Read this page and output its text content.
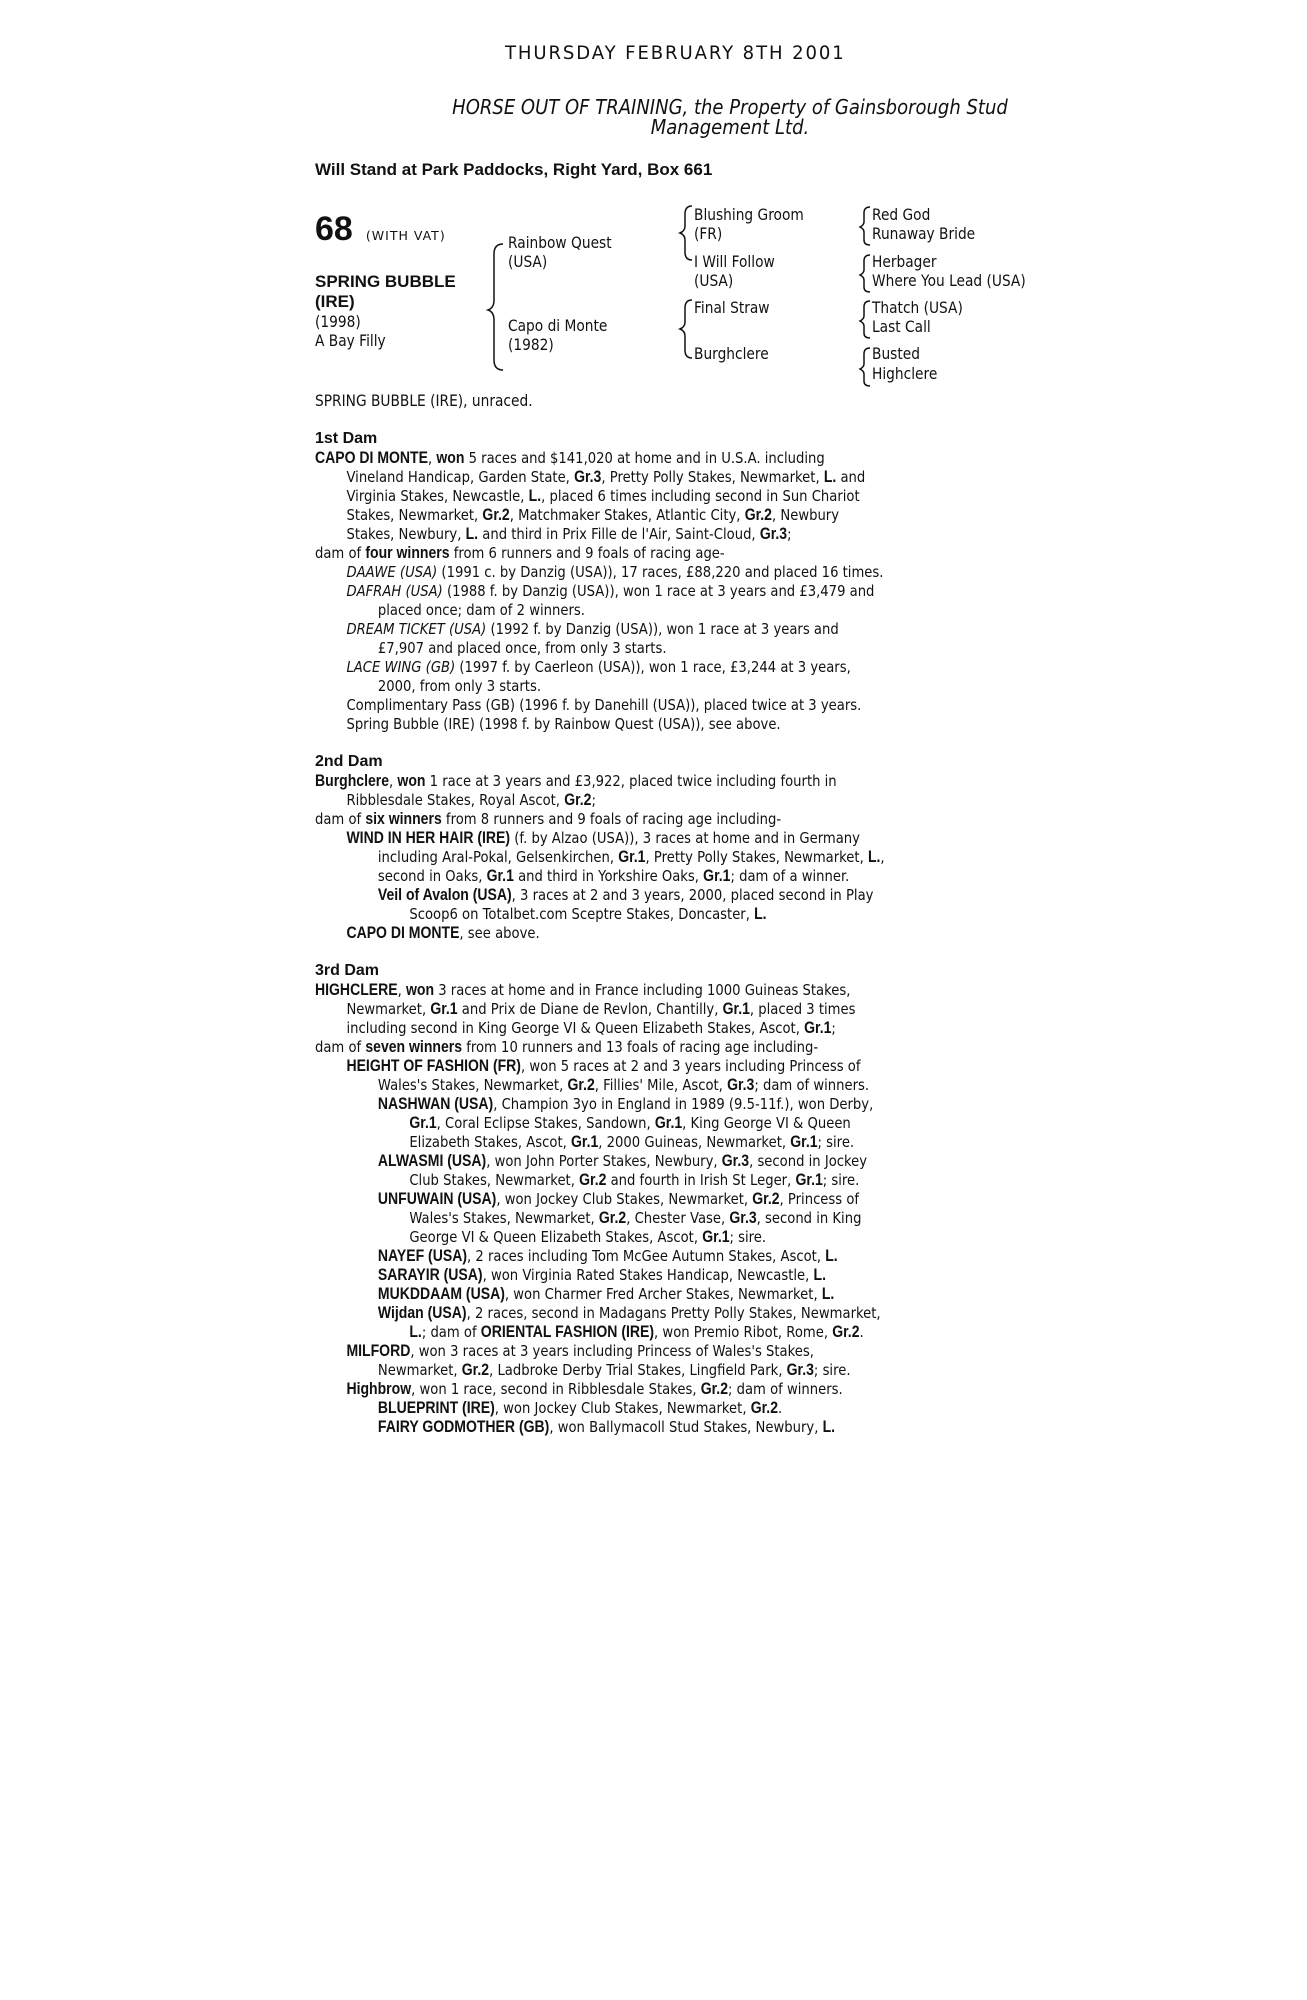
THURSDAY FEBRUARY 8TH 2001
HORSE OUT OF TRAINING, the Property of Gainsborough Stud
Management Ltd.
Will Stand at Park Paddocks, Right Yard, Box 661
68 (WITH VAT)
SPRING BUBBLE
(IRE)
(1998)
A Bay Filly
Rainbow Quest
(USA)
Capo di Monte
(1982)
Blushing Groom
(FR)
I Will Follow
(USA)
Final Straw
Burghclere
Red God
Runaway Bride
Herbager
Where You Lead (USA)
Thatch (USA)
Last Call
Busted
Highclere
SPRING BUBBLE (IRE), unraced.
1st Dam
CAPO DI MONTE, won 5 races and $141,020 at home and in U.S.A. including
Vineland Handicap, Garden State, Gr.3, Pretty Polly Stakes, Newmarket, L. and
Virginia Stakes, Newcastle, L., placed 6 times including second in Sun Chariot
Stakes, Newmarket, Gr.2, Matchmaker Stakes, Atlantic City, Gr.2, Newbury
Stakes, Newbury, L. and third in Prix Fille de l'Air, Saint-Cloud, Gr.3;
dam of four winners from 6 runners and 9 foals of racing age-
DAAWE (USA) (1991 c. by Danzig (USA)), 17 races, £88,220 and placed 16 times.
DAFRAH (USA) (1988 f. by Danzig (USA)), won 1 race at 3 years and £3,479 and
placed once; dam of 2 winners.
DREAM TICKET (USA) (1992 f. by Danzig (USA)), won 1 race at 3 years and
£7,907 and placed once, from only 3 starts.
LACE WING (GB) (1997 f. by Caerleon (USA)), won 1 race, £3,244 at 3 years,
2000, from only 3 starts.
Complimentary Pass (GB) (1996 f. by Danehill (USA)), placed twice at 3 years.
Spring Bubble (IRE) (1998 f. by Rainbow Quest (USA)), see above.
2nd Dam
Burghclere, won 1 race at 3 years and £3,922, placed twice including fourth in
Ribblesdale Stakes, Royal Ascot, Gr.2;
dam of six winners from 8 runners and 9 foals of racing age including-
WIND IN HER HAIR (IRE) (f. by Alzao (USA)), 3 races at home and in Germany
including Aral-Pokal, Gelsenkirchen, Gr.1, Pretty Polly Stakes, Newmarket, L.,
second in Oaks, Gr.1 and third in Yorkshire Oaks, Gr.1; dam of a winner.
Veil of Avalon (USA), 3 races at 2 and 3 years, 2000, placed second in Play
Scoop6 on Totalbet.com Sceptre Stakes, Doncaster, L.
CAPO DI MONTE, see above.
3rd Dam
HIGHCLERE, won 3 races at home and in France including 1000 Guineas Stakes,
Newmarket, Gr.1 and Prix de Diane de Revlon, Chantilly, Gr.1, placed 3 times
including second in King George VI & Queen Elizabeth Stakes, Ascot, Gr.1;
dam of seven winners from 10 runners and 13 foals of racing age including-
HEIGHT OF FASHION (FR), won 5 races at 2 and 3 years including Princess of
Wales's Stakes, Newmarket, Gr.2, Fillies' Mile, Ascot, Gr.3; dam of winners.
NASHWAN (USA), Champion 3yo in England in 1989 (9.5-11f.), won Derby,
Gr.1, Coral Eclipse Stakes, Sandown, Gr.1, King George VI & Queen
Elizabeth Stakes, Ascot, Gr.1, 2000 Guineas, Newmarket, Gr.1; sire.
ALWASMI (USA), won John Porter Stakes, Newbury, Gr.3, second in Jockey
Club Stakes, Newmarket, Gr.2 and fourth in Irish St Leger, Gr.1; sire.
UNFUWAIN (USA), won Jockey Club Stakes, Newmarket, Gr.2, Princess of
Wales's Stakes, Newmarket, Gr.2, Chester Vase, Gr.3, second in King
George VI & Queen Elizabeth Stakes, Ascot, Gr.1; sire.
NAYEF (USA), 2 races including Tom McGee Autumn Stakes, Ascot, L.
SARAYIR (USA), won Virginia Rated Stakes Handicap, Newcastle, L.
MUKDDAAM (USA), won Charmer Fred Archer Stakes, Newmarket, L.
Wijdan (USA), 2 races, second in Madagans Pretty Polly Stakes, Newmarket,
L.; dam of ORIENTAL FASHION (IRE), won Premio Ribot, Rome, Gr.2.
MILFORD, won 3 races at 3 years including Princess of Wales's Stakes,
Newmarket, Gr.2, Ladbroke Derby Trial Stakes, Lingfield Park, Gr.3; sire.
Highbrow, won 1 race, second in Ribblesdale Stakes, Gr.2; dam of winners.
BLUEPRINT (IRE), won Jockey Club Stakes, Newmarket, Gr.2.
FAIRY GODMOTHER (GB), won Ballymacoll Stud Stakes, Newbury, L.
